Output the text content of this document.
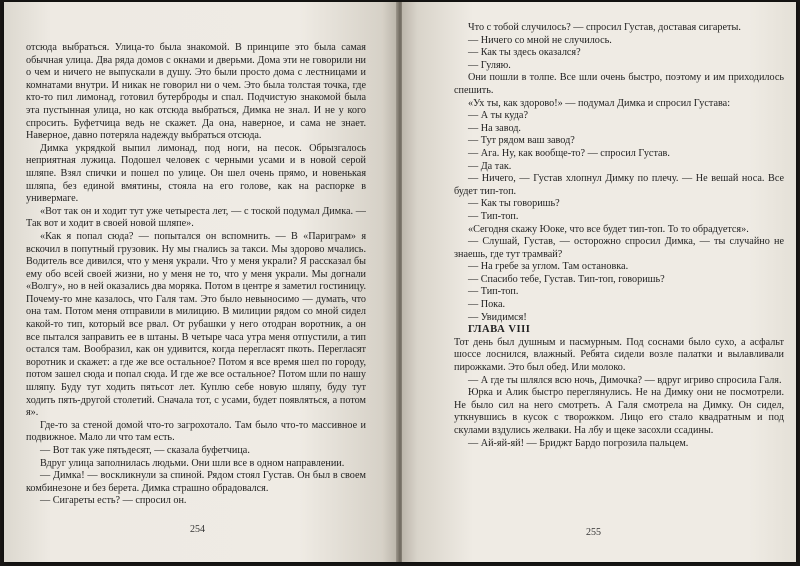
отсюда выбраться. Улица-то была знакомой. В принципе это была самая обычная улица. Два ряда домов с окнами и дверьми. Дома эти не говорили ни о чем и ничего не выпускали в душу. Это были просто дома с лестницами и комнатами внутри. И никак не говорил ни о чем. Это была толстая точка, где кто-то пил лимонад, готовил бутерброды и спал. Подчистую знакомой была эта пустынная улица, но как отсюда выбраться, Димка не знал. И не у кого спросить. Буфетчица ведь не скажет. Да она, наверное, и сама не знает. Наверное, давно потеряла надежду выбраться отсюда.

Димка укрядкой выпил лимонад, под ноги, на песок. Обрызгалось неприятная лужица. Подошел человек с черными усами и в новой серой шляпе. Взял спички и пошел по улице. Он шел очень прямо, и новенькая шляпа, без единой вмятины, стояла на его голове, как на распорке в универмаге.

«Вот так он и ходит тут уже четыреста лет, — с тоской подумал Димка. — Так вот и ходит в своей новой шляпе».

«Как я попал сюда? — попытался он вспомнить. — В «Париграм» я вскочил в попутный грузовик. Ну мы гнались за такси. Мы здорово мчались. Водитель все дивился, что у меня украли. Что у меня украли? Я рассказал бы ему обо всей своей жизни, но у меня не то, что у меня украли. Мы догнали «Волгу», но в ней оказались два моряка. Потом в центре я заметил гостиницу. Почему-то мне казалось, что Галя там. Это было невыносимо — думать, что она там. Потом меня отправили в милицию. В милиции рядом со мной сидел какой-то тип, который все рвал. От рубашки у него отодран воротник, а он все пытался заправить ее в штаны. В четыре часа утра меня отпустили, а тип остался там. Вообразил, как он удивится, когда перегласят пкоть. Перегласят воротник и скажет: а где же все остальное? Потом я все время шел по городу, потом зашел сюда и попал сюда. И где же все остальное? Потом шли по нашу шляпу. Буду тут ходить пятьсот лет. Куплю себе новую шляпу, буду тут ходить пять-другой столетий. Сначала тот, с усами, будет появляться, а потом я».

Где-то за стеной домой что-то загрохотало. Там было что-то массивное и подвижное. Мало ли что там есть.

— Вот так уже пятьдесят, — сказала буфетчица.

Вдруг улица заполнилась людьми. Они шли все в одном направлении.

— Димка! — воскликнули за спиной. Рядом стоял Густав. Он был в своем комбинезоне и без берета. Димка страшно обрадовался.

— Сигареты есть? — спросил он.

254

Что с тобой случилось? — спросил Густав, доставая сигареты.

— Ничего со мной не случилось.

— Как ты здесь оказался?

— Гуляю.

Они пошли в толпе. Все шли очень быстро, поэтому и им приходилось спешить.

«Ух ты, как здорово!» — подумал Димка и спросил Густава:

— А ты куда?

— На завод.

— Тут рядом ваш завод?

— Ага. Ну, как вообще-то? — спросил Густав.

— Да так.

— Ничего, — Густав хлопнул Димку по плечу. — Не вешай носа. Все будет тип-топ.

— Как ты говоришь?

— Тип-топ.

«Сегодня скажу Юоке, что все будет тип-топ. То то обрадуется».

— Слушай, Густав, — осторожно спросил Димка, — ты случайно не знаешь, где тут трамвай?

— На гребе за углом. Там остановка.

— Спасибо тебе, Густав. Тип-топ, говоришь?

— Тип-топ.

— Пока.

— Увидимся!

ГЛАВА VIII

Тот день был душным и пасмурным. Под соснами было сухо, а асфальт шоссе лоснился, влажный. Ребята сидели возле палатки и вылавливали пирожками. Это был обед. Или молоко.

— А где ты шлялся всю ночь, Димочка? — вдруг игриво спросила Галя.

Юрка и Алик быстро переглянулись. Не на Димку они не посмотрели. Не было сил на него смотреть. А Галя смотрела на Димку. Он сидел, уткнувшись в кусок с творожком. Лицо его стало квадратным и под скулами вздулись желваки. На лбу и щеке засохли ссадины.

— Ай-яй-яй! — Бриджт Бардо погрозила пальцем.

255
